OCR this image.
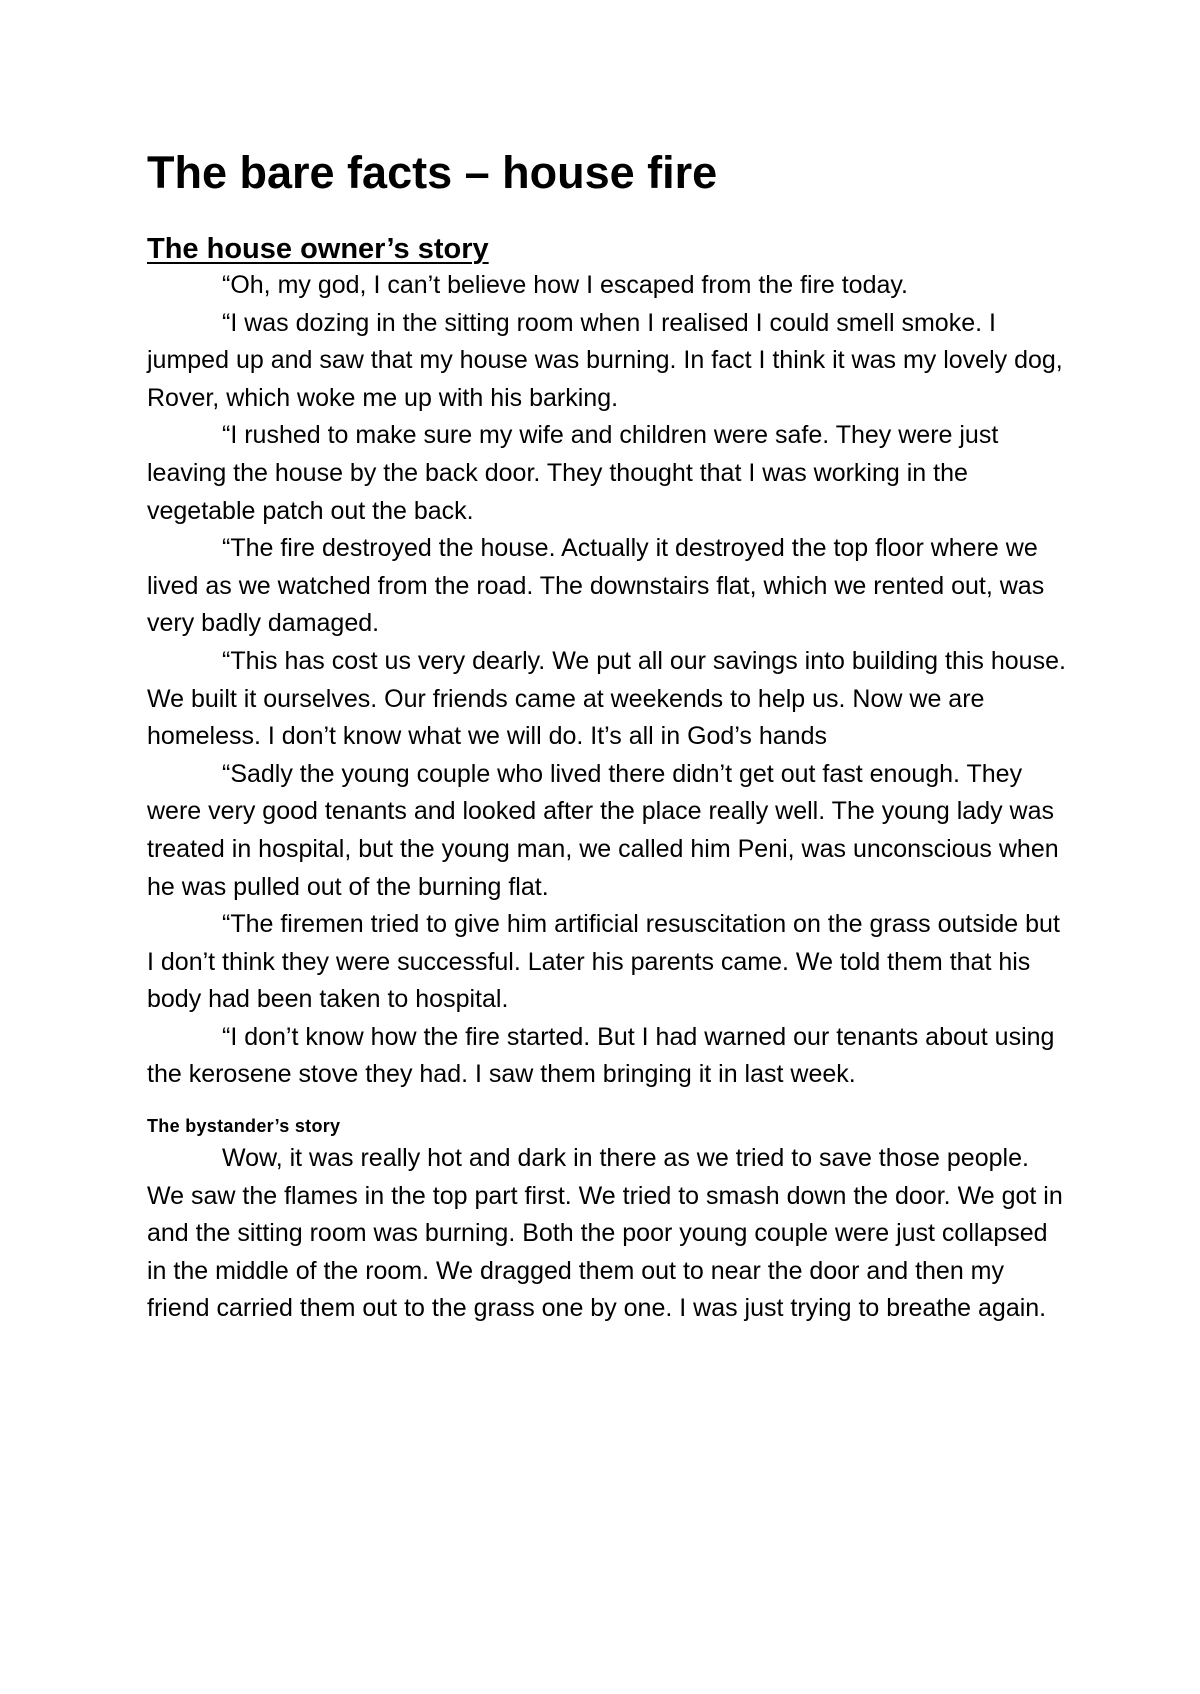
The bare facts – house fire
The house owner’s story

“Oh, my god, I can’t believe how I escaped from the fire today.

“I was dozing in the sitting room when I realised I could smell smoke. I jumped up and saw that my house was burning. In fact I think it was my lovely dog, Rover, which woke me up with his barking.

“I rushed to make sure my wife and children were safe. They were just leaving the house by the back door. They thought that I was working in the vegetable patch out the back.

“The fire destroyed the house. Actually it destroyed the top floor where we lived as we watched from the road. The downstairs flat, which we rented out, was very badly damaged.

“This has cost us very dearly. We put all our savings into building this house. We built it ourselves. Our friends came at weekends to help us. Now we are homeless. I don’t know what we will do. It’s all in God’s hands

“Sadly the young couple who lived there didn’t get out fast enough. They were very good tenants and looked after the place really well. The young lady was treated in hospital, but the young man, we called him Peni, was unconscious when he was pulled out of the burning flat.

“The firemen tried to give him artificial resuscitation on the grass outside but I don’t think they were successful. Later his parents came. We told them that his body had been taken to hospital.

“I don’t know how the fire started. But I had warned our tenants about using the kerosene stove they had. I saw them bringing it in last week.

The bystander’s story

Wow, it was really hot and dark in there as we tried to save those people. We saw the flames in the top part first. We tried to smash down the door. We got in and the sitting room was burning. Both the poor young couple were just collapsed in the middle of the room. We dragged them out to near the door and then my friend carried them out to the grass one by one. I was just trying to breathe again.
